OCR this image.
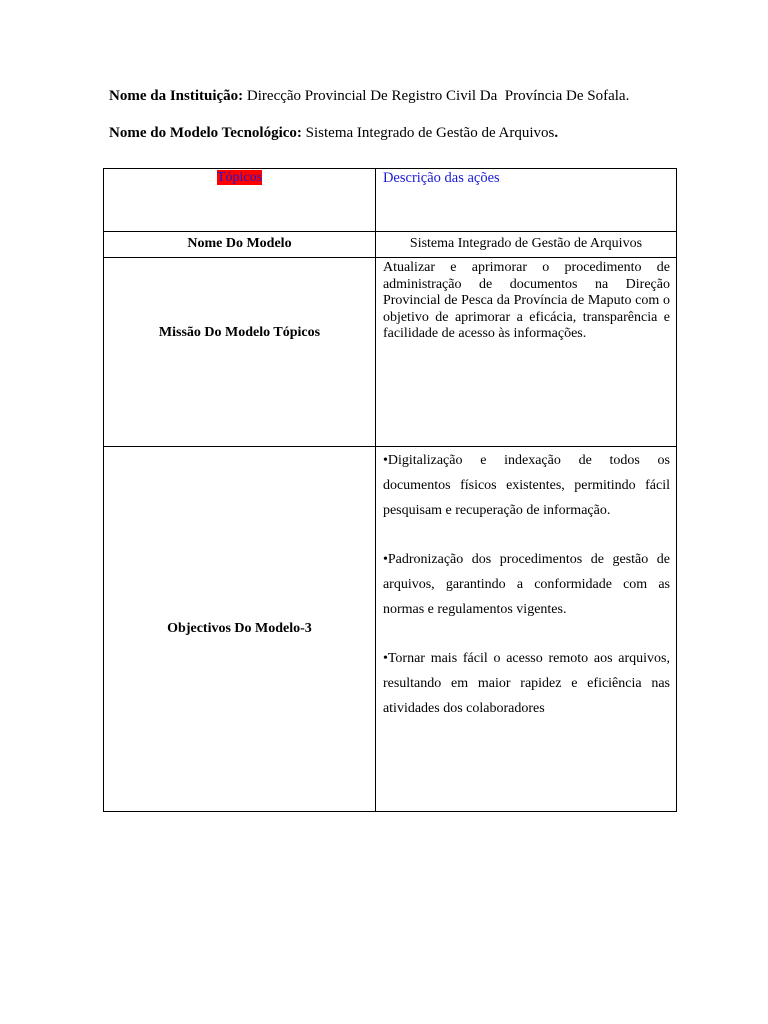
Nome da Instituição: Direcção Provincial De Registro Civil Da  Província De Sofala.
Nome do Modelo Tecnológico: Sistema Integrado de Gestão de Arquivos.
Tópicos	Descrição das ações
Nome Do Modelo	Sistema Integrado de Gestão de Arquivos
Missão Do Modelo Tópicos	Atualizar e aprimorar o procedimento de administração de documentos na Direção Provincial de Pesca da Província de Maputo com o objetivo de aprimorar a eficácia, transparência e facilidade de acesso às informações.
Objectivos Do Modelo-3	•Digitalização e indexação de todos os documentos físicos existentes, permitindo fácil pesquisam e recuperação de informação.

•Padronização dos procedimentos de gestão de arquivos, garantindo a conformidade com as normas e regulamentos vigentes.

•Tornar mais fácil o acesso remoto aos arquivos, resultando em maior rapidez e eficiência nas atividades dos colaboradores
